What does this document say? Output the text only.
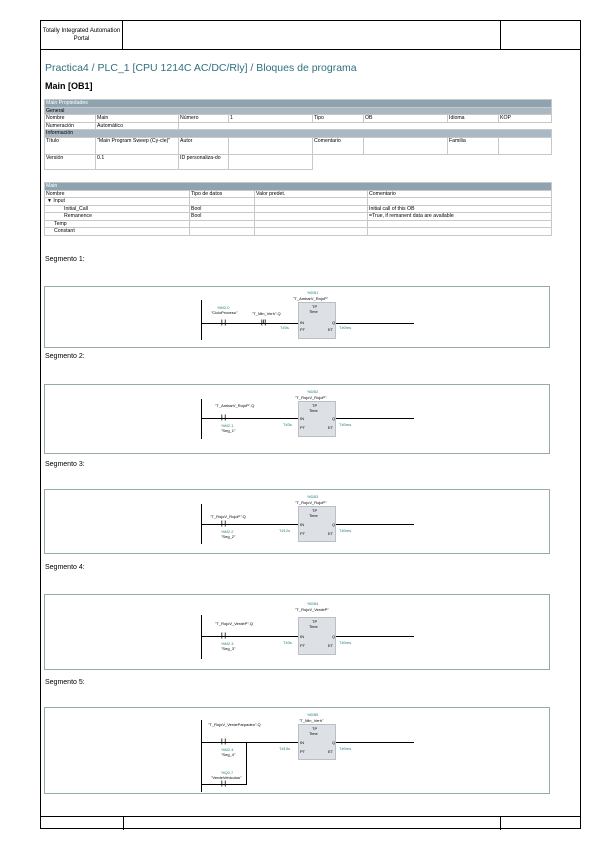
Totally Integrated Automation Portal
Practica4 / PLC_1 [CPU 1214C AC/DC/Rly] / Bloques de programa
Main [OB1]
Main Propiedades							
General							
Nombre	Main	Número	1	Tipo	OB	Idioma	KOP
Numeración	Automático						
Información							
Título	"Main Program Sweep (Cy-cle)"	Autor		Comentario		Familia	
Versión	0.1	ID personaliza-do					
Main			
Nombre	Tipo de datos	Valor predet.	Comentario
▼ Input			
Initial_Call	Bool		Initial call of this OB
Remanence	Bool		=True, if remanent data are available
Temp			
Constant			
Segmento 1:
%M2.0
"CicloProceso"
| |
"T_Min_Verh".Q
|/|
%DB1
"T_AmbarV_RojoP"
TP
Time
IN	Q
PT	ET
T#3s	T#0ms
Segmento 2:
"T_AmbarV_RojoP".Q
| |
%M2.1
"Seg_1"
%DB2
"T_RojoV_RojoP"
TP
Time
IN	Q
PT	ET
T#3s	T#0ms
Segmento 3:
"T_RojoV_RojoP".Q
| |
%M2.2
"Seg_2"
%DB3
"T_RojoV_RojoP"
TP
Time
IN	Q
PT	ET
T#12s	T#0ms
Segmento 4:
"T_RojoV_VerdeP".Q
| |
%M2.3
"Seg_3"
%DB4
"T_RojoV_VerdeP"
TP
Time
IN	Q
PT	ET
T#3s	T#0ms
Segmento 5:
"T_RojoV_VerdeParpadeo".Q
| |
%M2.4
"Seg_4"
%Q0.7
"VerdeVehiculos"
| |
%DB5
"T_Min_Verh"
TP
Time
IN	Q
PT	ET
T#15s	T#0ms
